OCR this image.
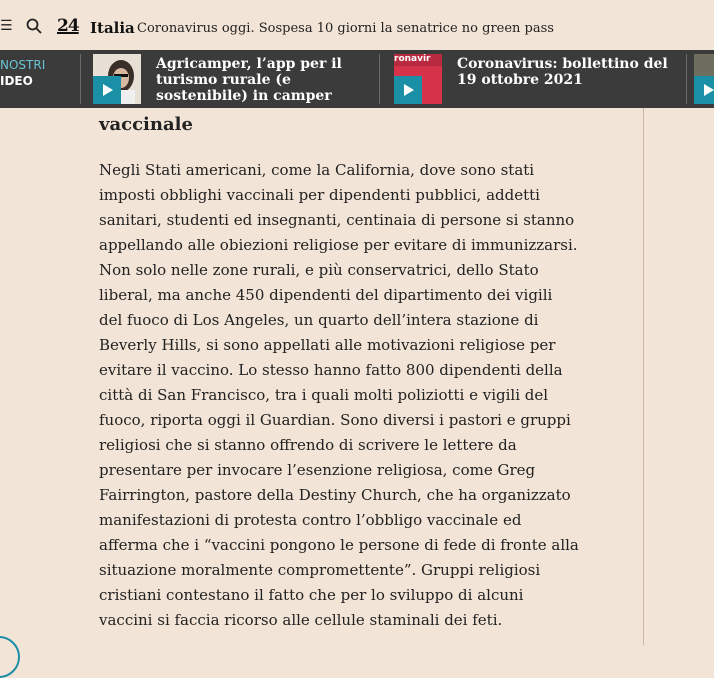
☰	24 Italia Coronavirus oggi. Sospesa 10 giorni la senatrice no green pass
NOSTRI
IDEO
Agricamper, l’app per il turismo rurale (e sostenibile) in camper
ronavir Coronavirus: bollettino del 19 ottobre 2021
vaccinale

Negli Stati americani, come la California, dove sono stati imposti obblighi vaccinali per dipendenti pubblici, addetti sanitari, studenti ed insegnanti, centinaia di persone si stanno appellando alle obiezioni religiose per evitare di immunizzarsi. Non solo nelle zone rurali, e più conservatrici, dello Stato liberal, ma anche 450 dipendenti del dipartimento dei vigili del fuoco di Los Angeles, un quarto dell’intera stazione di Beverly Hills, si sono appellati alle motivazioni religiose per evitare il vaccino. Lo stesso hanno fatto 800 dipendenti della città di San Francisco, tra i quali molti poliziotti e vigili del fuoco, riporta oggi il Guardian. Sono diversi i pastori e gruppi religiosi che si stanno offrendo di scrivere le lettere da presentare per invocare l’esenzione religiosa, come Greg Fairrington, pastore della Destiny Church, che ha organizzato manifestazioni di protesta contro l’obbligo vaccinale ed afferma che i “vaccini pongono le persone di fede di fronte alla situazione moralmente compromettente”. Gruppi religiosi cristiani contestano il fatto che per lo sviluppo di alcuni vaccini si faccia ricorso alle cellule staminali dei feti.
